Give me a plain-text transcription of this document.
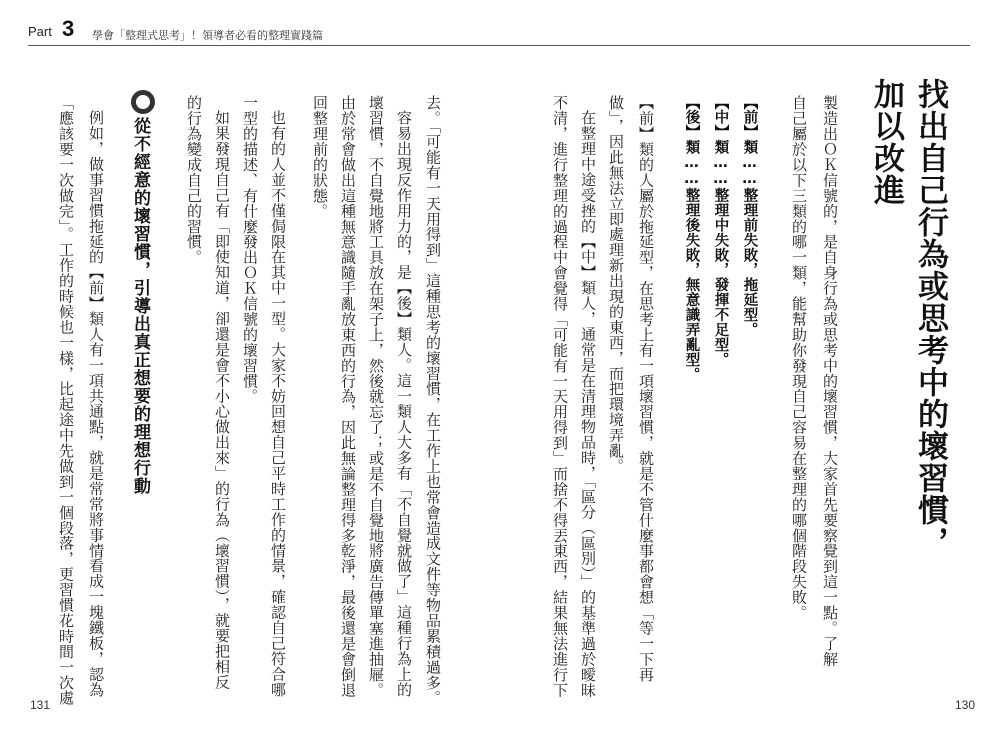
Part 3 學會「整理式思考」！領導者必看的整理實踐篇
找出自己行為或思考中的壞習慣，
加以改進
製造出ＯＫ信號的，是自身行為或思考中的壞習慣，大家首先要察覺到這一點。了解
自己屬於以下三類的哪一類，能幫助你發現自己容易在整理的哪個階段失敗。
【前】類……整理前失敗，拖延型。
【中】類……整理中失敗，發揮不足型。
【後】類……整理後失敗，無意識弄亂型。
【前】類的人屬於拖延型，在思考上有一項壞習慣，就是不管什麼事都會想「等一下再
做」，因此無法立即處理新出現的東西，而把環境弄亂。
在整理中途受挫的【中】類人，通常是在清理物品時，「區分（區別）」的基準過於曖昧
不清，進行整理的過程中會覺得「可能有一天用得到」而捨不得丟東西，結果無法進行下
130
去。「可能有一天用得到」這種思考的壞習慣，在工作上也常會造成文件等物品累積過多。
容易出現反作用力的，是【後】類人。這一類人大多有「不自覺就做了」這種行為上的
壞習慣，不自覺地將工具放在架子上，然後就忘了；或是不自覺地將廣告傳單塞進抽屜。
由於常會做出這種無意識隨手亂放東西的行為，因此無論整理得多乾淨，最後還是會倒退
回整理前的狀態。
也有的人並不僅侷限在其中一型。大家不妨回想自己平時工作的情景，確認自己符合哪
一型的描述、有什麼發出ＯＫ信號的壞習慣。
如果發現自己有「即使知道，卻還是會不小心做出來」的行為（壞習慣），就要把相反
的行為變成自己的習慣。
從不經意的壞習慣，引導出真正想要的理想行動
例如，做事習慣拖延的【前】類人有一項共通點，就是常常將事情看成一塊鐵板，認為
「應該要一次做完」。工作的時候也一樣，比起途中先做到一個段落，更習慣花時間一次處
131
